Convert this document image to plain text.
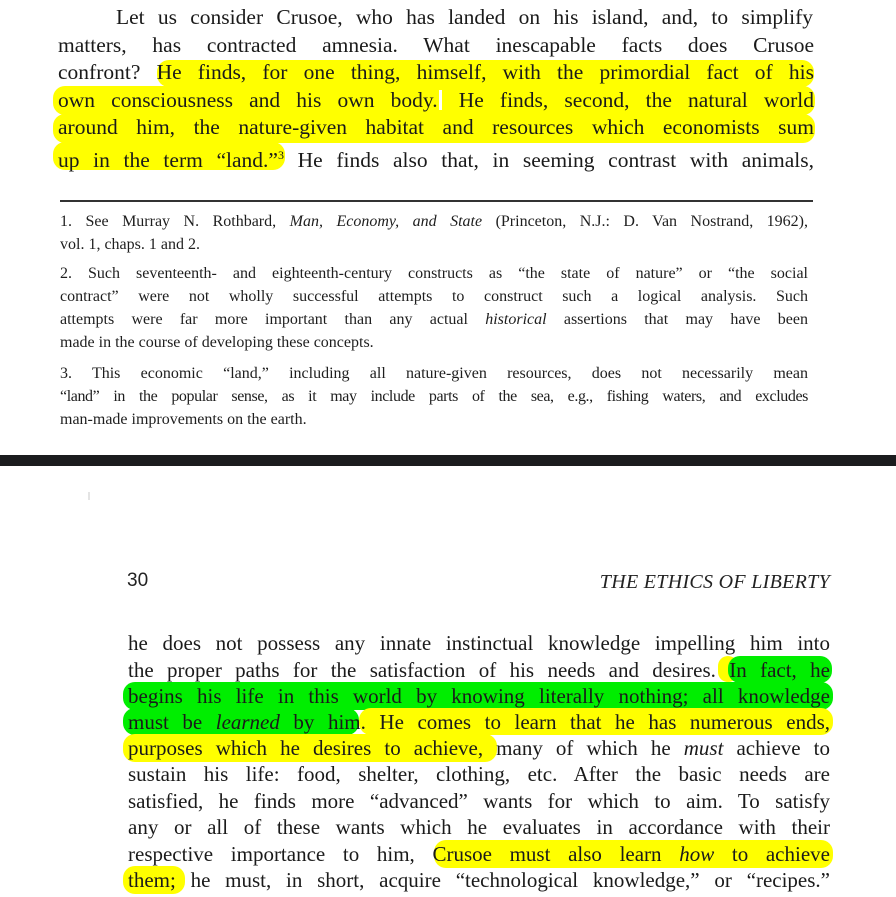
Let us consider Crusoe, who has landed on his island, and, to simplify
matters, has contracted amnesia. What inescapable facts does Crusoe
confront? He finds, for one thing, himself, with the primordial fact of his
own consciousness and his own body. He finds, second, the natural world
around him, the nature-given habitat and resources which economists sum
up in the term “land.”$^3$ He finds also that, in seeming contrast with animals,
1. See Murray N. Rothbard, Man, Economy, and State (Princeton, N.J.: D. Van Nostrand, 1962),
vol. 1, chaps. 1 and 2.
2. Such seventeenth- and eighteenth-century constructs as “the state of nature” or “the social
contract” were not wholly successful attempts to construct such a logical analysis. Such
attempts were far more important than any actual historical assertions that may have been
made in the course of developing these concepts.
3. This economic “land,” including all nature-given resources, does not necessarily mean
“land” in the popular sense, as it may include parts of the sea, e.g., fishing waters, and excludes
man-made improvements on the earth.
30	THE ETHICS OF LIBERTY
he does not possess any innate instinctual knowledge impelling him into
the proper paths for the satisfaction of his needs and desires. In fact, he
begins his life in this world by knowing literally nothing; all knowledge
must be learned by him. He comes to learn that he has numerous ends,
purposes which he desires to achieve, many of which he must achieve to
sustain his life: food, shelter, clothing, etc. After the basic needs are
satisfied, he finds more “advanced” wants for which to aim. To satisfy
any or all of these wants which he evaluates in accordance with their
respective importance to him, Crusoe must also learn how to achieve
them; he must, in short, acquire “technological knowledge,” or “recipes.”
